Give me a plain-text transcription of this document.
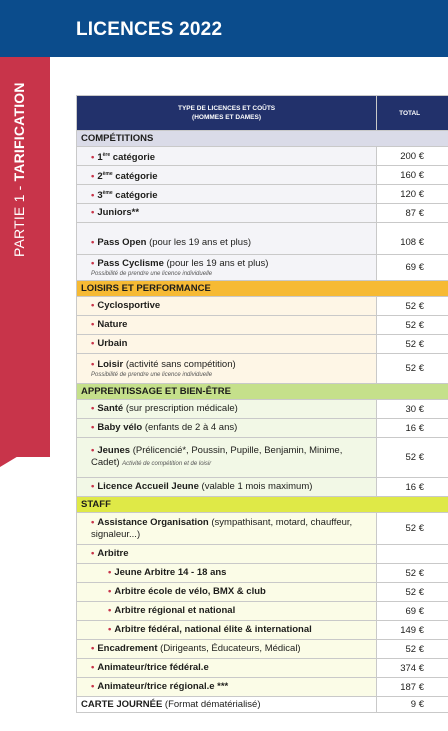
LICENCES 2022
PARTIE 1 - TARIFICATION	TYPE DE LICENCES ET COÛTS
(HOMMES ET DAMES)	TOTAL
COMPÉTITIONS	
• 1ère catégorie	200 €
• 2ème catégorie	160 €
• 3ème catégorie	120 €
• Juniors**	87 €
• Pass Open (pour les 19 ans et plus)	108 €
• Pass Cyclisme (pour les 19 ans et plus)
Possibilité de prendre une licence individuelle	69 €
LOISIRS ET PERFORMANCE	
• Cyclosportive	52 €
• Nature	52 €
• Urbain	52 €
• Loisir (activité sans compétition)
Possibilité de prendre une licence individuelle	52 €
APPRENTISSAGE ET BIEN-ÊTRE	
• Santé (sur prescription médicale)	30 €
• Baby vélo (enfants de 2 à 4 ans)	16 €
• Jeunes (Prélicencié*, Poussin, Pupille, Benjamin, Minime, Cadet) Activité de compétition et de loisir	52 €
• Licence Accueil Jeune (valable 1 mois maximum)	16 €
STAFF	
• Assistance Organisation (sympathisant, motard, chauffeur, signaleur...)	52 €
• Arbitre	
• Jeune Arbitre 14 - 18 ans	52 €
• Arbitre école de vélo, BMX & club	52 €
• Arbitre régional et national	69 €
• Arbitre fédéral, national élite & international	149 €
• Encadrement (Dirigeants, Éducateurs, Médical)	52 €
• Animateur/trice fédéral.e	374 €
• Animateur/trice régional.e ***	187 €
CARTE JOURNÉE (Format dématérialisé)	9 €
